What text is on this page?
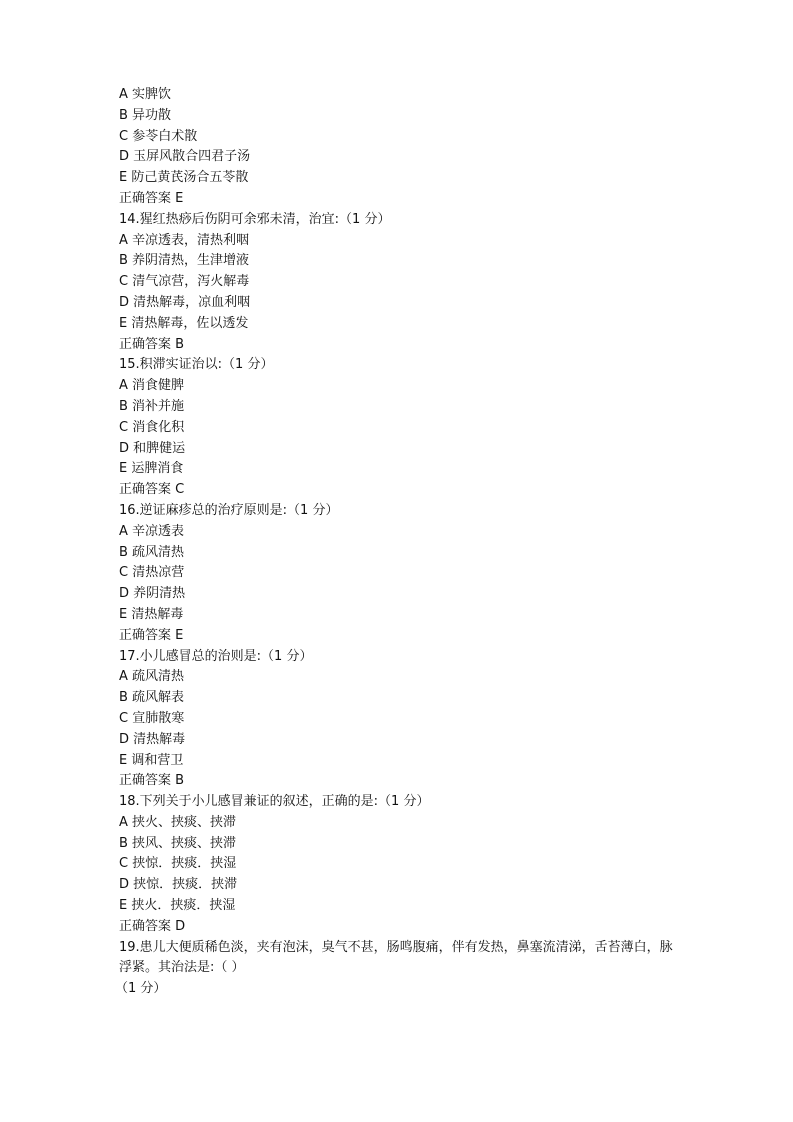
A 实脾饮
B 异功散
C 参苓白术散
D 玉屏风散合四君子汤
E 防己黄芪汤合五苓散
正确答案 E
14.猩红热痧后伤阴可余邪未清，治宜:（1 分）
A 辛凉透表，清热利咽
B 养阴清热，生津增液
C 清气凉营，泻火解毒
D 清热解毒，凉血利咽
E 清热解毒，佐以透发
正确答案 B
15.积滞实证治以:（1 分）
A 消食健脾
B 消补并施
C 消食化积
D 和脾健运
E 运脾消食
正确答案 C
16.逆证麻疹总的治疗原则是:（1 分）
A 辛凉透表
B 疏风清热
C 清热凉营
D 养阴清热
E 清热解毒
正确答案 E
17.小儿感冒总的治则是:（1 分）
A 疏风清热
B 疏风解表
C 宣肺散寒
D 清热解毒
E 调和营卫
正确答案 B
18.下列关于小儿感冒兼证的叙述，正确的是:（1 分）
A 挟火、挟痰、挟滞
B 挟风、挟痰、挟滞
C 挟惊．挟痰．挟湿
D 挟惊．挟痰．挟滞
E 挟火．挟痰．挟湿
正确答案 D
19.患儿大便质稀色淡，夹有泡沫，臭气不甚，肠鸣腹痛，伴有发热，鼻塞流清涕，舌苔薄白，脉浮紧。其治法是:（ ）
（1 分）
